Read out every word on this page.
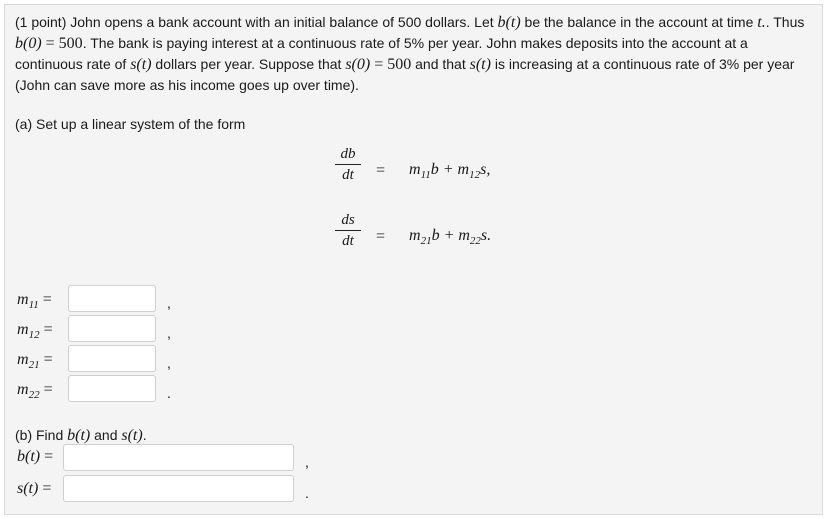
(1 point) John opens a bank account with an initial balance of 500 dollars. Let b(t) be the balance in the account at time t.. Thus
b(0) = 500. The bank is paying interest at a continuous rate of 5% per year. John makes deposits into the account at a
continuous rate of s(t) dollars per year. Suppose that s(0) = 500 and that s(t) is increasing at a continuous rate of 3% per year
(John can save more as his income goes up over time).
(a) Set up a linear system of the form
db
dt	= $m_{11}b + m_{12}s$,
ds
dt	= $m_{21}b + m_{22}s$.
$m_{11}$ =	,
$m_{12}$ =	,
$m_{21}$ =	,
$m_{22}$ =	.
(b) Find b(t) and s(t).
b(t) =	,
s(t) =	.
